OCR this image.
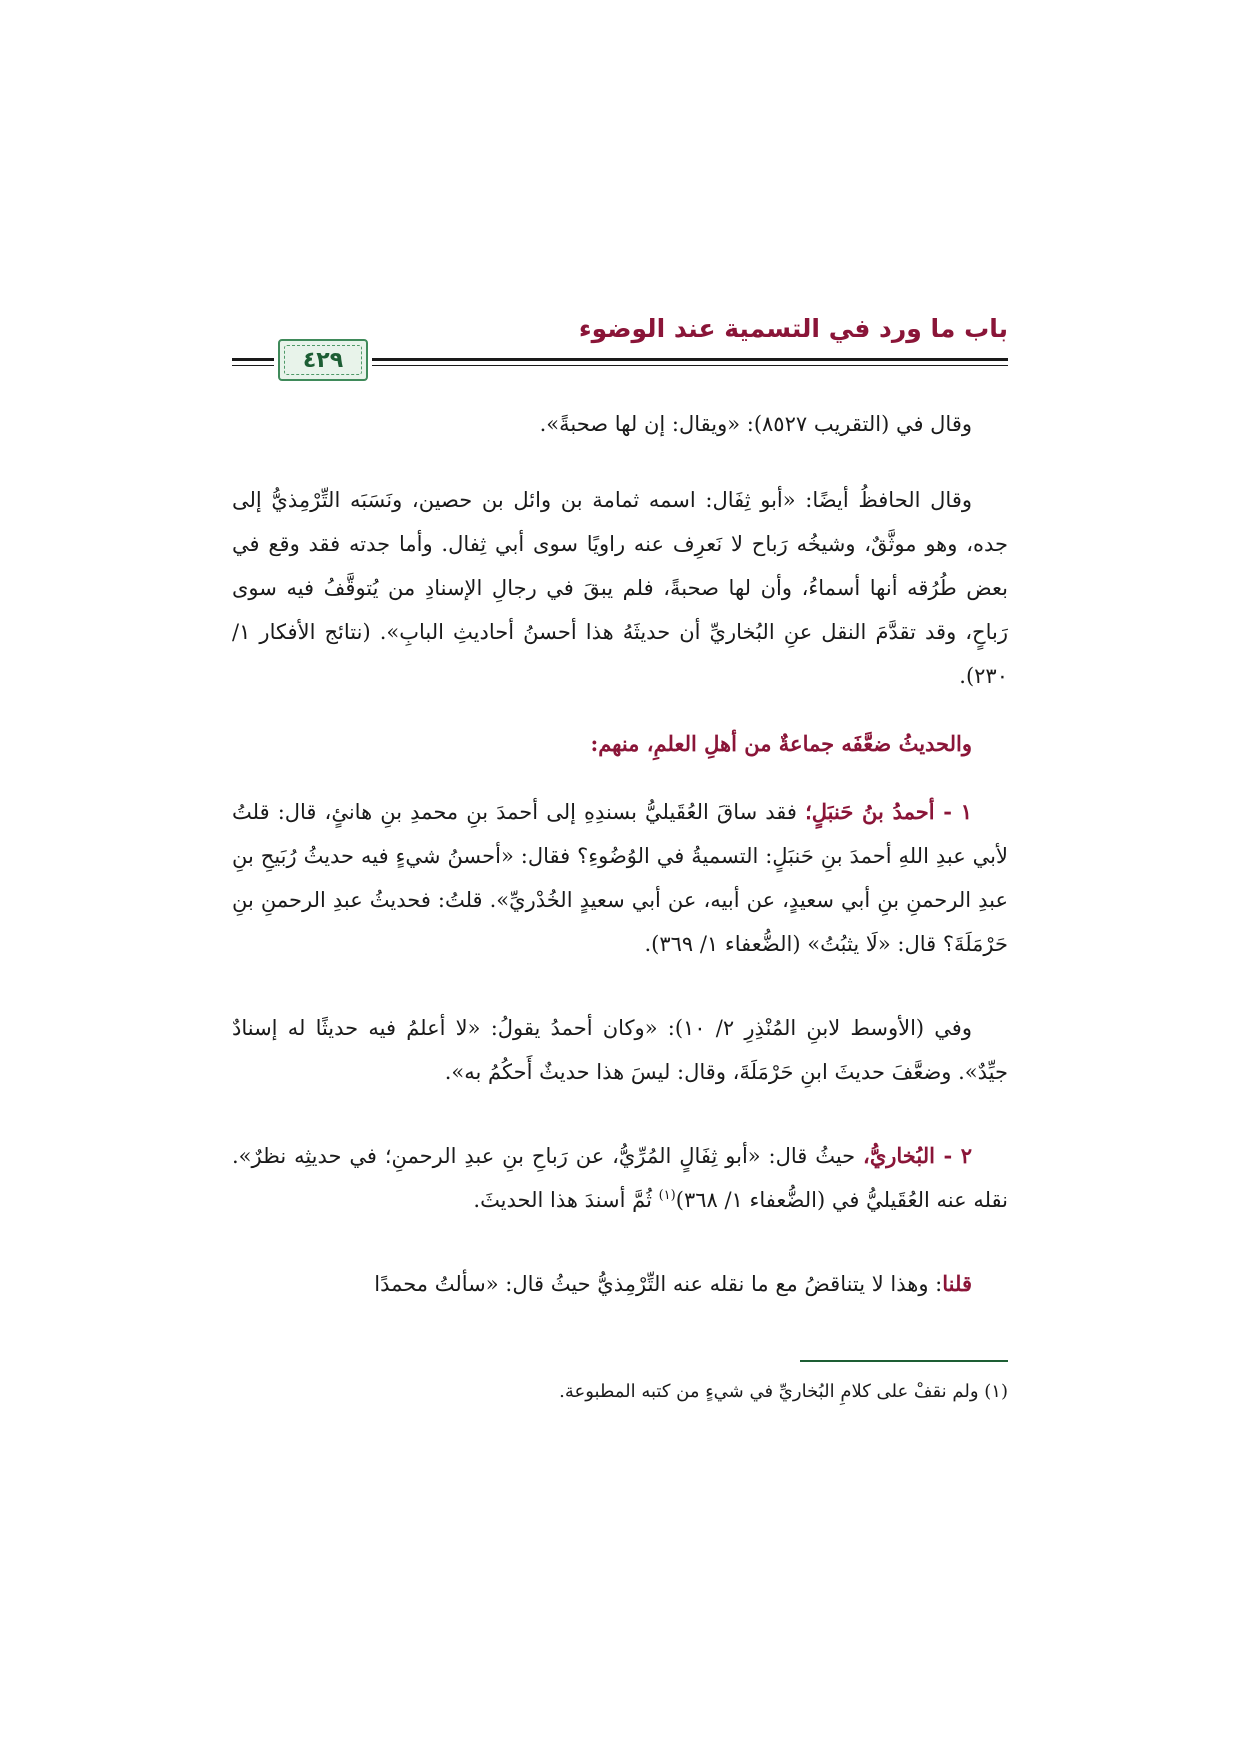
باب ما ورد في التسمية عند الوضوء
٤٢٩

وقال في (التقريب ٨٥٢٧): «ويقال: إن لها صحبةً».

وقال الحافظُ أيضًا: «أبو ثِفَال: اسمه ثمامة بن وائل بن حصين، ونَسَبَه التِّرْمِذيُّ إلى جده، وهو موثَّقٌ، وشيخُه رَباح لا نَعرِف عنه راويًا سوى أبي ثِفال. وأما جدته فقد وقع في بعض طُرُقه أنها أسماءُ، وأن لها صحبةً، فلم يبقَ في رجالِ الإسنادِ من يُتوقَّفُ فيه سوى رَباحٍ، وقد تقدَّمَ النقل عنِ البُخاريِّ أن حديثَهُ هذا أحسنُ أحاديثِ البابِ». (نتائج الأفكار ١/ ٢٣٠).

والحديثُ ضعَّفَه جماعةٌ من أهلِ العلمِ، منهم:

١ - أحمدُ بنُ حَنبَلٍ؛ فقد ساقَ العُقَيليُّ بسندِهِ إلى أحمدَ بنِ محمدِ بنِ هانئٍ، قال: قلتُ لأبي عبدِ اللهِ أحمدَ بنِ حَنبَلٍ: التسميةُ في الوُضُوءِ؟ فقال: «أحسنُ شيءٍ فيه حديثُ رُبَيحِ بنِ عبدِ الرحمنِ بنِ أبي سعيدٍ، عن أبيه، عن أبي سعيدٍ الخُدْريِّ». قلتُ: فحديثُ عبدِ الرحمنِ بنِ حَرْمَلَةَ؟ قال: «لَا يثبُتُ» (الضُّعفاء ١/ ٣٦٩).

وفي (الأوسط لابنِ المُنْذِرِ ٢/ ١٠): «وكان أحمدُ يقولُ: «لا أعلمُ فيه حديثًا له إسنادٌ جيِّدٌ». وضعَّفَ حديثَ ابنِ حَرْمَلَةَ، وقال: ليسَ هذا حديثٌ أَحكُمُ به».

٢ - البُخاريُّ، حيثُ قال: «أبو ثِفَالٍ المُرِّيُّ، عن رَباحِ بنِ عبدِ الرحمنِ؛ في حديثِه نظرٌ». نقله عنه العُقَيليُّ في (الضُّعفاء ١/ ٣٦٨)$^{(١)}$ ثُمَّ أسندَ هذا الحديثَ.

قلنا: وهذا لا يتناقضُ مع ما نقله عنه التِّرْمِذيُّ حيثُ قال: «سألتُ محمدًا

(١) ولم نقفْ على كلامِ البُخاريِّ في شيءٍ من كتبه المطبوعة.
